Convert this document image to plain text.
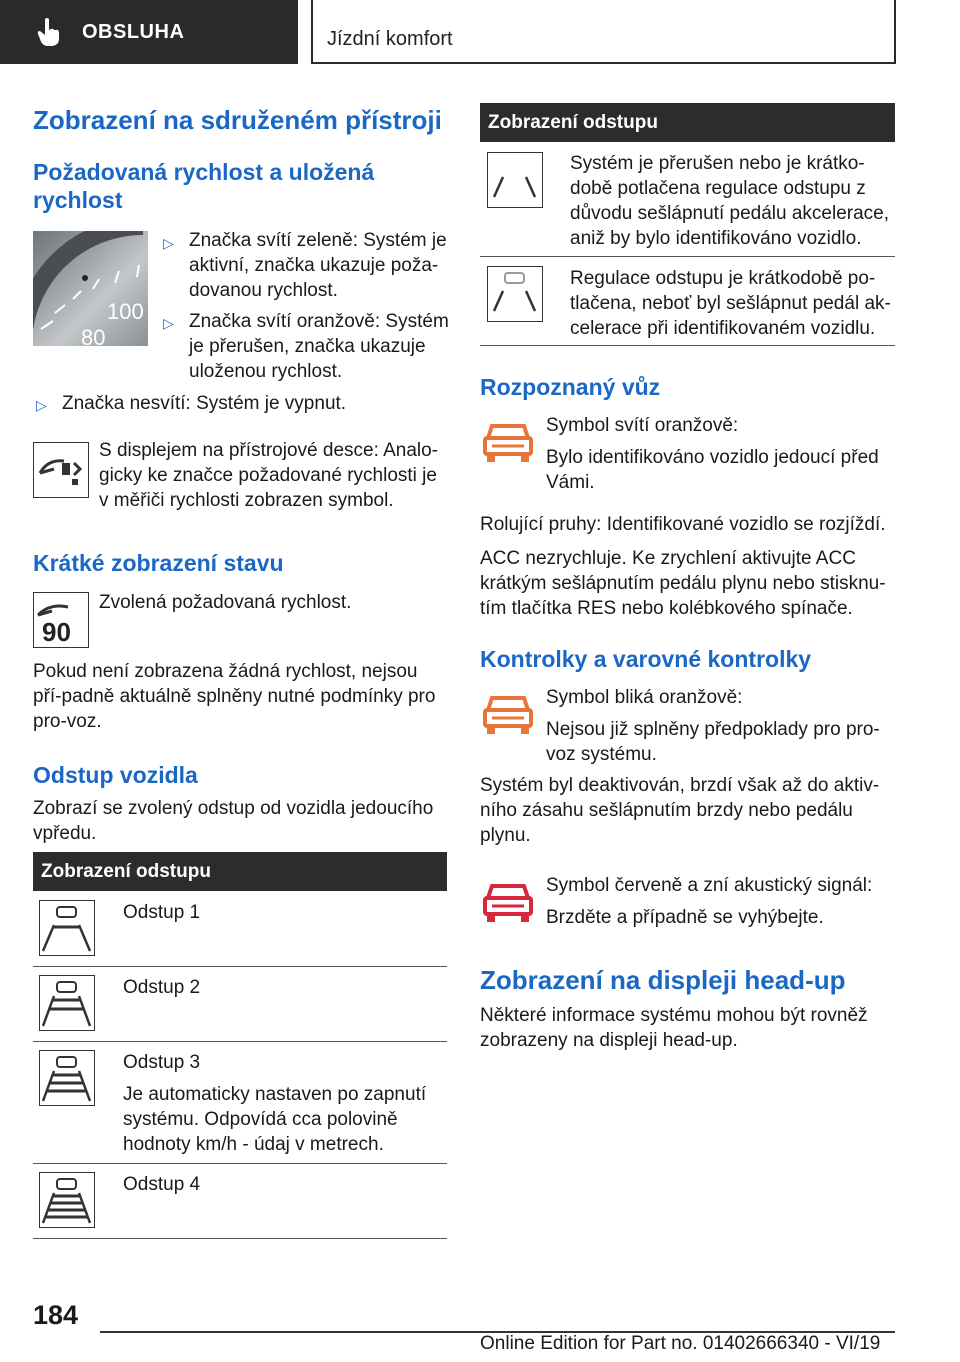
OBSLUHA	Jízdní komfort
Zobrazení na sdruženém přístroji
Požadovaná rychlost a uložená rychlost
100
80
▷ Značka svítí zeleně: Systém je aktivní, značka ukazuje poža-dovanou rychlost.

▷ Značka svítí oranžově: Systém je přerušen, značka ukazuje uloženou rychlost.

▷ Značka nesvítí: Systém je vypnut.

S displejem na přístrojové desce: Analo-gicky ke značce požadované rychlosti je v měřiči rychlosti zobrazen symbol.

Krátké zobrazení stavu
90

Zvolená požadovaná rychlost.

Pokud není zobrazena žádná rychlost, nejsou pří-padně aktuálně splněny nutné podmínky pro pro-voz.

Odstup vozidla

Zobrazí se zvolený odstup od vozidla jedoucího vpředu.

Zobrazení odstupu

Odstup 1

Odstup 2

Odstup 3

Je automaticky nastaven po zapnutí systému. Odpovídá cca polovině hodnoty km/h - údaj v metrech.

Odstup 4

Zobrazení odstupu

Systém je přerušen nebo je krátko-době potlačena regulace odstupu z důvodu sešlápnutí pedálu akcelerace, aniž by bylo identifikováno vozidlo.

Regulace odstupu je krátkodobě po-tlačena, neboť byl sešlápnut pedál ak-celerace při identifikovaném vozidlu.

Rozpoznaný vůz

Symbol svítí oranžově:

Bylo identifikováno vozidlo jedoucí před Vámi.

Rolující pruhy: Identifikované vozidlo se rozjíždí.

ACC nezrychluje. Ke zrychlení aktivujte ACC krátkým sešlápnutím pedálu plynu nebo stisknu-tím tlačítka RES nebo kolébkového spínače.

Kontrolky a varovné kontrolky

Symbol bliká oranžově:

Nejsou již splněny předpoklady pro pro-voz systému.

Systém byl deaktivován, brzdí však až do aktiv-ního zásahu sešlápnutím brzdy nebo pedálu plynu.

Symbol červeně a zní akustický signál:

Brzděte a případně se vyhýbejte.

Zobrazení na displeji head-up

Některé informace systému mohou být rovněž zobrazeny na displeji head-up.

184
Online Edition for Part no. 01402666340 - VI/19
